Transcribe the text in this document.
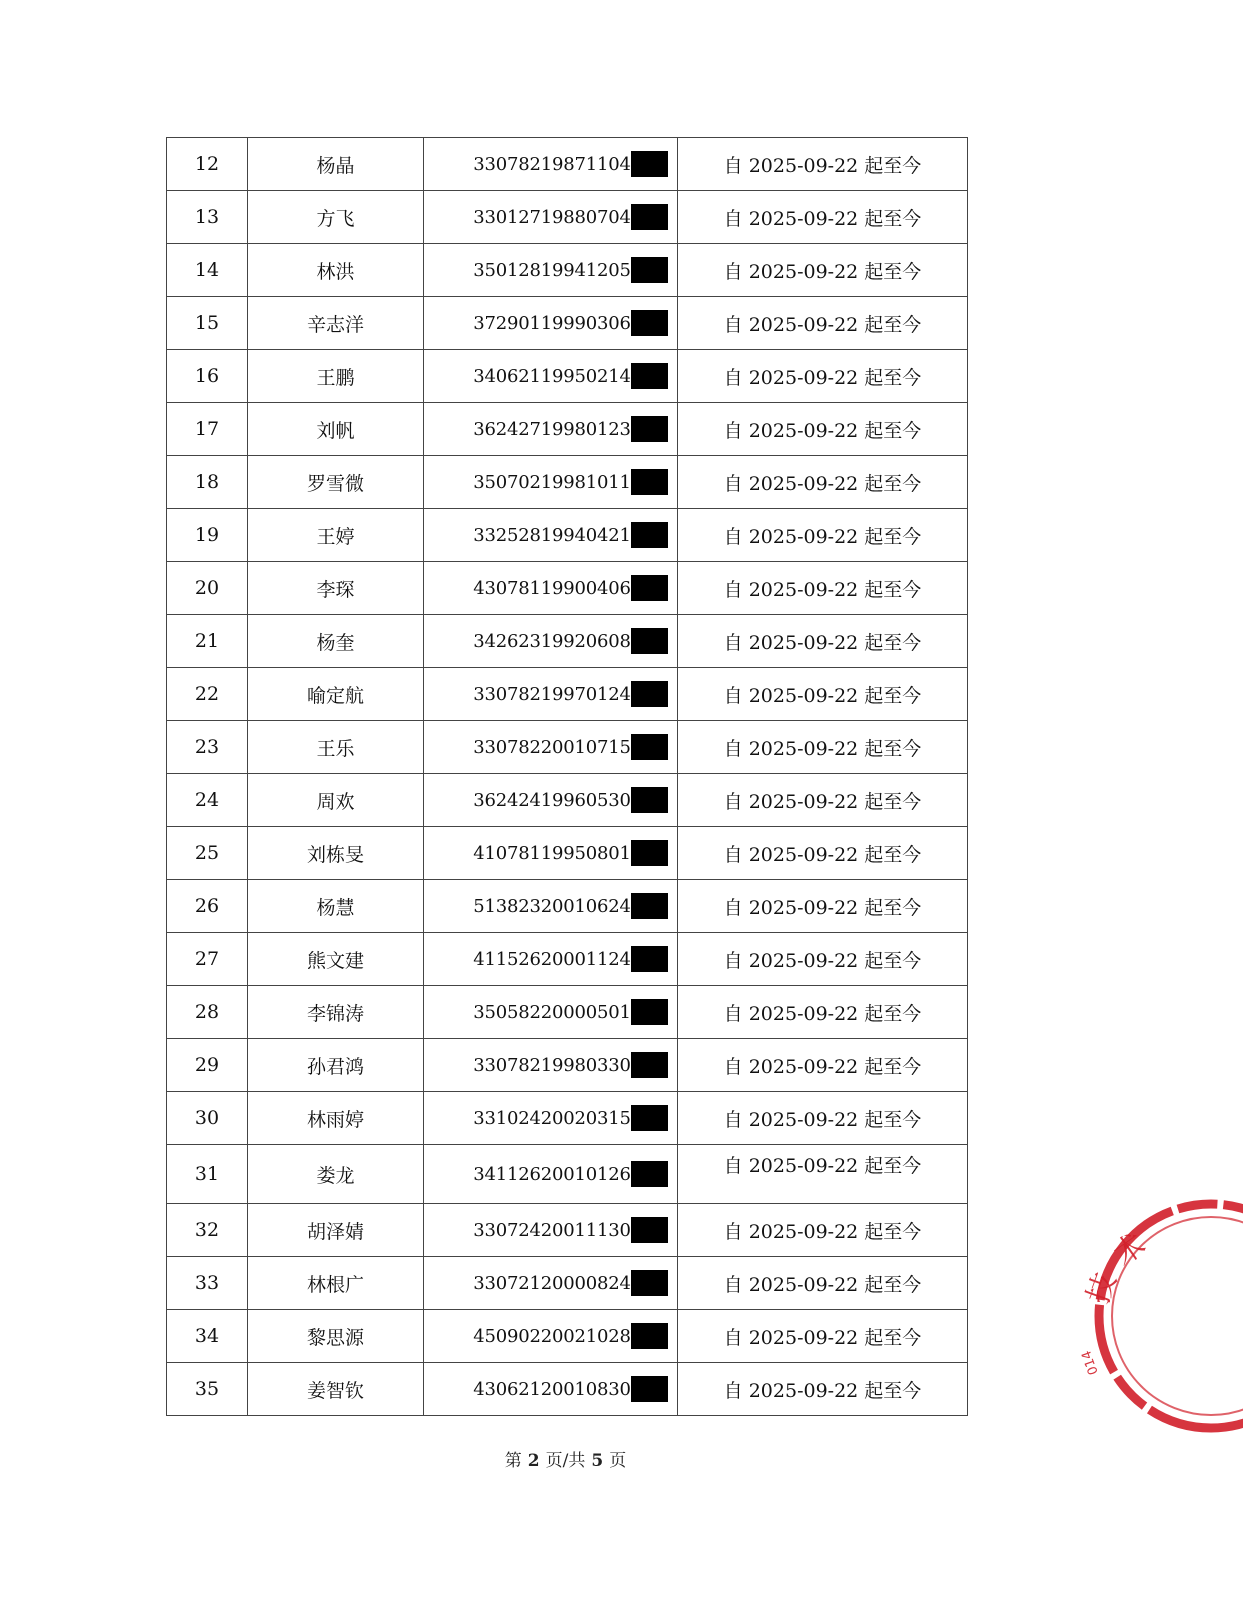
12	杨晶	33078219871104	自 2025-09-22 起至今
13	方飞	33012719880704	自 2025-09-22 起至今
14	林洪	35012819941205	自 2025-09-22 起至今
15	辛志洋	37290119990306	自 2025-09-22 起至今
16	王鹏	34062119950214	自 2025-09-22 起至今
17	刘帆	36242719980123	自 2025-09-22 起至今
18	罗雪微	35070219981011	自 2025-09-22 起至今
19	王婷	33252819940421	自 2025-09-22 起至今
20	李琛	43078119900406	自 2025-09-22 起至今
21	杨奎	34262319920608	自 2025-09-22 起至今
22	喻定航	33078219970124	自 2025-09-22 起至今
23	王乐	33078220010715	自 2025-09-22 起至今
24	周欢	36242419960530	自 2025-09-22 起至今
25	刘栋旻	41078119950801	自 2025-09-22 起至今
26	杨慧	51382320010624	自 2025-09-22 起至今
27	熊文建	41152620001124	自 2025-09-22 起至今
28	李锦涛	35058220000501	自 2025-09-22 起至今
29	孙君鸿	33078219980330	自 2025-09-22 起至今
30	林雨婷	33102420020315	自 2025-09-22 起至今
31	娄龙	34112620010126	自 2025-09-22 起至今
32	胡泽婧	33072420011130	自 2025-09-22 起至今
33	林根广	33072120000824	自 2025-09-22 起至今
34	黎思源	45090220021028	自 2025-09-22 起至今
35	姜智钦	43062120010830	自 2025-09-22 起至今
第 2 页/共 5 页
术
技
014
